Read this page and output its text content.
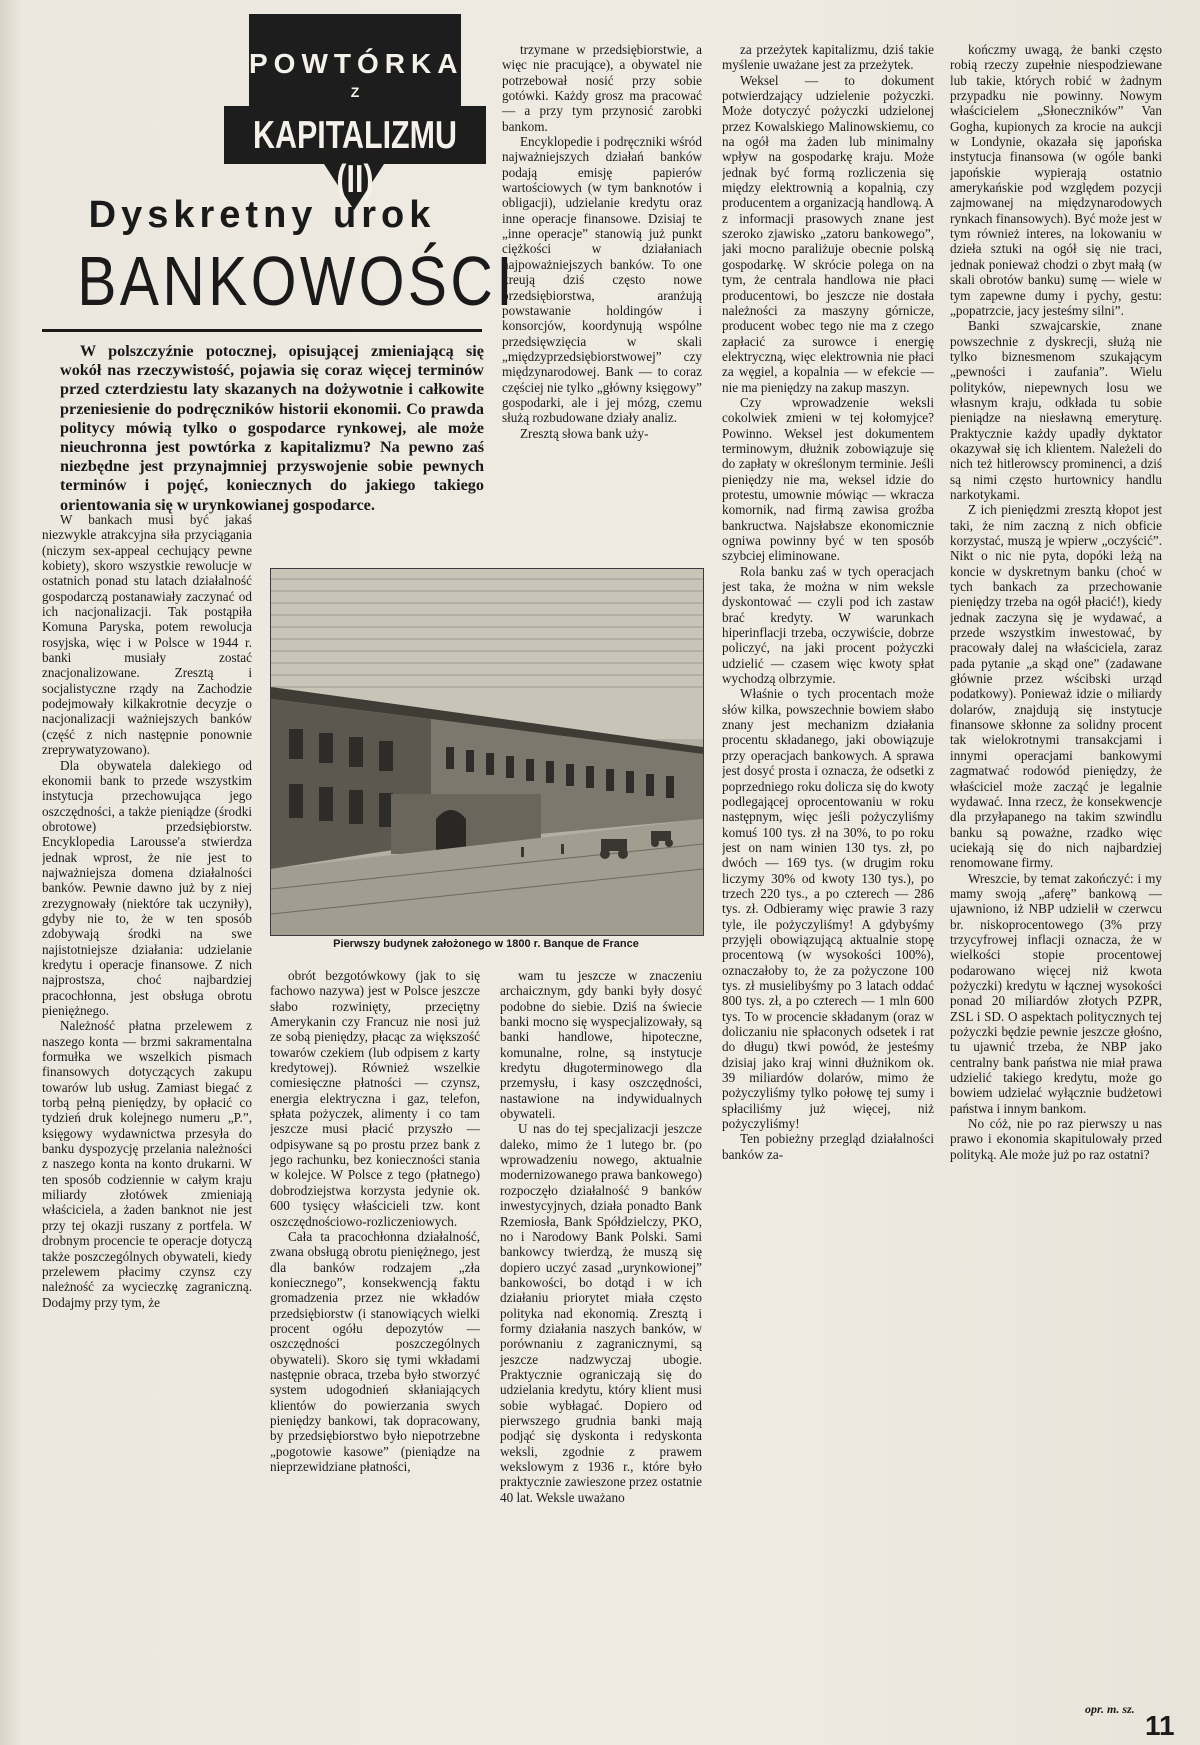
POWTÓRKA
Z
KAPITALIZMU (II)
Dyskretny urok
BANKOWOŚCI

W polszczyźnie potocznej, opisującej zmieniającą się wokół nas rzeczywistość, pojawia się coraz więcej terminów przed czterdziestu laty skazanych na dożywotnie i całkowite przeniesienie do podręczników historii ekonomii. Co prawda politycy mówią tylko o gospodarce rynkowej, ale może nieuchronna jest powtórka z kapitalizmu? Na pewno zaś niezbędne jest przynajmniej przyswojenie sobie pewnych terminów i pojęć, koniecznych do jakiego takiego orientowania się w urynkowianej gospodarce.

W bankach musi być jakaś niezwykle atrakcyjna siła przyciągania (niczym sex-appeal cechujący pewne kobiety), skoro wszystkie rewolucje w ostatnich ponad stu latach działalność gospodarczą postanawiały zaczynać od ich nacjonalizacji. Tak postąpiła Komuna Paryska, potem rewolucja rosyjska, więc i w Polsce w 1944 r. banki musiały zostać znacjonalizowane. Zresztą i socjalistyczne rządy na Zachodzie podejmowały kilkakrotnie decyzje o nacjonalizacji ważniejszych banków (część z nich następnie ponownie zreprywatyzowano).

Dla obywatela dalekiego od ekonomii bank to przede wszystkim instytucja przechowująca jego oszczędności, a także pieniądze (środki obrotowe) przedsiębiorstw. Encyklopedia Larousse'a stwierdza jednak wprost, że nie jest to najważniejsza domena działalności banków. Pewnie dawno już by z niej zrezygnowały (niektóre tak uczyniły), gdyby nie to, że w ten sposób zdobywają środki na swe najistotniejsze działania: udzielanie kredytu i operacje finansowe. Z nich najprostsza, choć najbardziej pracochłonna, jest obsługa obrotu pieniężnego.

Należność płatna przelewem z naszego konta — brzmi sakramentalna formułka we wszelkich pismach finansowych dotyczących zakupu towarów lub usług. Zamiast biegać z torbą pełną pieniędzy, by opłacić co tydzień druk kolejnego numeru „P.”, księgowy wydawnictwa przesyła do banku dyspozycję przelania należności z naszego konta na konto drukarni. W ten sposób codziennie w całym kraju miliardy złotówek zmieniają właściciela, a żaden banknot nie jest przy tej okazji ruszany z portfela. W drobnym procencie te operacje dotyczą także poszczególnych obywateli, kiedy przelewem płacimy czynsz czy należność za wycieczkę zagraniczną. Dodajmy przy tym, że

Pierwszy budynek założonego w 1800 r. Banque de France

obrót bezgotówkowy (jak to się fachowo nazywa) jest w Polsce jeszcze słabo rozwinięty, przeciętny Amerykanin czy Francuz nie nosi już ze sobą pieniędzy, płacąc za większość towarów czekiem (lub odpisem z karty kredytowej). Również wszelkie comiesięczne płatności — czynsz, energia elektryczna i gaz, telefon, spłata pożyczek, alimenty i co tam jeszcze musi płacić przyszło — odpisywane są po prostu przez bank z jego rachunku, bez konieczności stania w kolejce. W Polsce z tego (płatnego) dobrodziejstwa korzysta jedynie ok. 600 tysięcy właścicieli tzw. kont oszczędnościowo-rozliczeniowych.

Cała ta pracochłonna działalność, zwana obsługą obrotu pieniężnego, jest dla banków rodzajem „zła koniecznego”, konsekwencją faktu gromadzenia przez nie wkładów przedsiębiorstw (i stanowiących wielki procent ogółu depozytów — oszczędności poszczególnych obywateli). Skoro się tymi wkładami następnie obraca, trzeba było stworzyć system udogodnień skłaniających klientów do powierzania swych pieniędzy bankowi, tak dopracowany, by przedsiębiorstwo było niepotrzebne „pogotowie kasowe” (pieniądze na nieprzewidziane płatności,

trzymane w przedsiębiorstwie, a więc nie pracujące), a obywatel nie potrzebował nosić przy sobie gotówki. Każdy grosz ma pracować — a przy tym przynosić zarobki bankom.

Encyklopedie i podręczniki wśród najważniejszych działań banków podają emisję papierów wartościowych (w tym banknotów i obligacji), udzielanie kredytu oraz inne operacje finansowe. Dzisiaj te „inne operacje” stanowią już punkt ciężkości w działaniach najpoważniejszych banków. To one kreują dziś często nowe przedsiębiorstwa, aranżują powstawanie holdingów i konsorcjów, koordynują wspólne przedsięwzięcia w skali „międzyprzedsiębiorstwowej” czy międzynarodowej. Bank — to coraz częściej nie tylko „główny księgowy” gospodarki, ale i jej mózg, czemu służą rozbudowane działy analiz.

Zresztą słowa bank uży-

wam tu jeszcze w znaczeniu archaicznym, gdy banki były dosyć podobne do siebie. Dziś na świecie banki mocno się wyspecjalizowały, są banki handlowe, hipoteczne, komunalne, rolne, są instytucje kredytu długoterminowego dla przemysłu, i kasy oszczędności, nastawione na indywidualnych obywateli.

U nas do tej specjalizacji jeszcze daleko, mimo że 1 lutego br. (po wprowadzeniu nowego, aktualnie modernizowanego prawa bankowego) rozpoczęło działalność 9 banków inwestycyjnych, działa ponadto Bank Rzemiosła, Bank Spółdzielczy, PKO, no i Narodowy Bank Polski. Sami bankowcy twierdzą, że muszą się dopiero uczyć zasad „urynkowionej” bankowości, bo dotąd i w ich działaniu priorytet miała często polityka nad ekonomią. Zresztą i formy działania naszych banków, w porównaniu z zagranicznymi, są jeszcze nadzwyczaj ubogie. Praktycznie ograniczają się do udzielania kredytu, który klient musi sobie wybłagać. Dopiero od pierwszego grudnia banki mają podjąć się dyskonta i redyskonta weksli, zgodnie z prawem wekslowym z 1936 r., które było praktycznie zawieszone przez ostatnie 40 lat. Weksle uważano

za przeżytek kapitalizmu, dziś takie myślenie uważane jest za przeżytek.

Weksel — to dokument potwierdzający udzielenie pożyczki. Może dotyczyć pożyczki udzielonej przez Kowalskiego Malinowskiemu, co na ogół ma żaden lub minimalny wpływ na gospodarkę kraju. Może jednak być formą rozliczenia się między elektrownią a kopalnią, czy producentem a organizacją handlową. A z informacji prasowych znane jest szeroko zjawisko „zatoru bankowego”, jaki mocno paraliżuje obecnie polską gospodarkę. W skrócie polega on na tym, że centrala handlowa nie płaci producentowi, bo jeszcze nie dostała należności za maszyny górnicze, producent wobec tego nie ma z czego zapłacić za surowce i energię elektryczną, więc elektrownia nie płaci za węgiel, a kopalnia — w efekcie — nie ma pieniędzy na zakup maszyn.

Czy wprowadzenie weksli cokolwiek zmieni w tej kołomyjce? Powinno. Weksel jest dokumentem terminowym, dłużnik zobowiązuje się do zapłaty w określonym terminie. Jeśli pieniędzy nie ma, weksel idzie do protestu, umownie mówiąc — wkracza komornik, nad firmą zawisa groźba bankructwa. Najsłabsze ekonomicznie ogniwa powinny być w ten sposób szybciej eliminowane.

Rola banku zaś w tych operacjach jest taka, że można w nim weksle dyskontować — czyli pod ich zastaw brać kredyty. W warunkach hiperinflacji trzeba, oczywiście, dobrze policzyć, na jaki procent pożyczki udzielić — czasem więc kwoty spłat wychodzą olbrzymie.

Właśnie o tych procentach może słów kilka, powszechnie bowiem słabo znany jest mechanizm działania procentu składanego, jaki obowiązuje przy operacjach bankowych. A sprawa jest dosyć prosta i oznacza, że odsetki z poprzedniego roku dolicza się do kwoty podlegającej oprocentowaniu w roku następnym, więc jeśli pożyczyliśmy komuś 100 tys. zł na 30%, to po roku jest on nam winien 130 tys. zł, po dwóch — 169 tys. (w drugim roku liczymy 30% od kwoty 130 tys.), po trzech 220 tys., a po czterech — 286 tys. zł. Odbieramy więc prawie 3 razy tyle, ile pożyczyliśmy! A gdybyśmy przyjęli obowiązującą aktualnie stopę procentową (w wysokości 100%), oznaczałoby to, że za pożyczone 100 tys. zł musielibyśmy po 3 latach oddać 800 tys. zł, a po czterech — 1 mln 600 tys. To w procencie składanym (oraz w doliczaniu nie spłaconych odsetek i rat do długu) tkwi powód, że jesteśmy dzisiaj jako kraj winni dłużnikom ok. 39 miliardów dolarów, mimo że pożyczyliśmy tylko połowę tej sumy i spłaciliśmy już więcej, niż pożyczyliśmy!

Ten pobieżny przegląd działalności banków za-

kończmy uwagą, że banki często robią rzeczy zupełnie niespodziewane lub takie, których robić w żadnym przypadku nie powinny. Nowym właścicielem „Słoneczników” Van Gogha, kupionych za krocie na aukcji w Londynie, okazała się japońska instytucja finansowa (w ogóle banki japońskie wypierają ostatnio amerykańskie pod względem pozycji zajmowanej na międzynarodowych rynkach finansowych). Być może jest w tym również interes, na lokowaniu w dzieła sztuki na ogół się nie traci, jednak ponieważ chodzi o zbyt małą (w skali obrotów banku) sumę — wiele w tym zapewne dumy i pychy, gestu: „popatrzcie, jacy jesteśmy silni”.

Banki szwajcarskie, znane powszechnie z dyskrecji, służą nie tylko biznesmenom szukającym „pewności i zaufania”. Wielu polityków, niepewnych losu we własnym kraju, odkłada tu sobie pieniądze na niesławną emeryturę. Praktycznie każdy upadły dyktator okazywał się ich klientem. Należeli do nich też hitlerowscy prominenci, a dziś są nimi często hurtownicy handlu narkotykami.

Z ich pieniędzmi zresztą kłopot jest taki, że nim zaczną z nich obficie korzystać, muszą je wpierw „oczyścić”. Nikt o nic nie pyta, dopóki leżą na koncie w dyskretnym banku (choć w tych bankach za przechowanie pieniędzy trzeba na ogół płacić!), kiedy jednak zaczyna się je wydawać, a przede wszystkim inwestować, by pracowały dalej na właściciela, zaraz pada pytanie „a skąd one” (zadawane głównie przez wścibski urząd podatkowy). Ponieważ idzie o miliardy dolarów, znajdują się instytucje finansowe skłonne za solidny procent tak wielokrotnymi transakcjami i innymi operacjami bankowymi zagmatwać rodowód pieniędzy, że właściciel może zacząć je legalnie wydawać. Inna rzecz, że konsekwencje dla przyłapanego na takim szwindlu banku są poważne, rzadko więc uciekają się do nich najbardziej renomowane firmy.

Wreszcie, by temat zakończyć: i my mamy swoją „aferę” bankową — ujawniono, iż NBP udzielił w czerwcu br. niskoprocentowego (3% przy trzycyfrowej inflacji oznacza, że w wielkości stopie procentowej podarowano więcej niż kwota pożyczki) kredytu w łącznej wysokości ponad 20 miliardów złotych PZPR, ZSL i SD. O aspektach politycznych tej pożyczki będzie pewnie jeszcze głośno, tu ujawnić trzeba, że NBP jako centralny bank państwa nie miał prawa udzielić takiego kredytu, może go bowiem udzielać wyłącznie budżetowi państwa i innym bankom.

No cóż, nie po raz pierwszy u nas prawo i ekonomia skapitulowały przed polityką. Ale może już po raz ostatni?

opr. m. sz.
11
